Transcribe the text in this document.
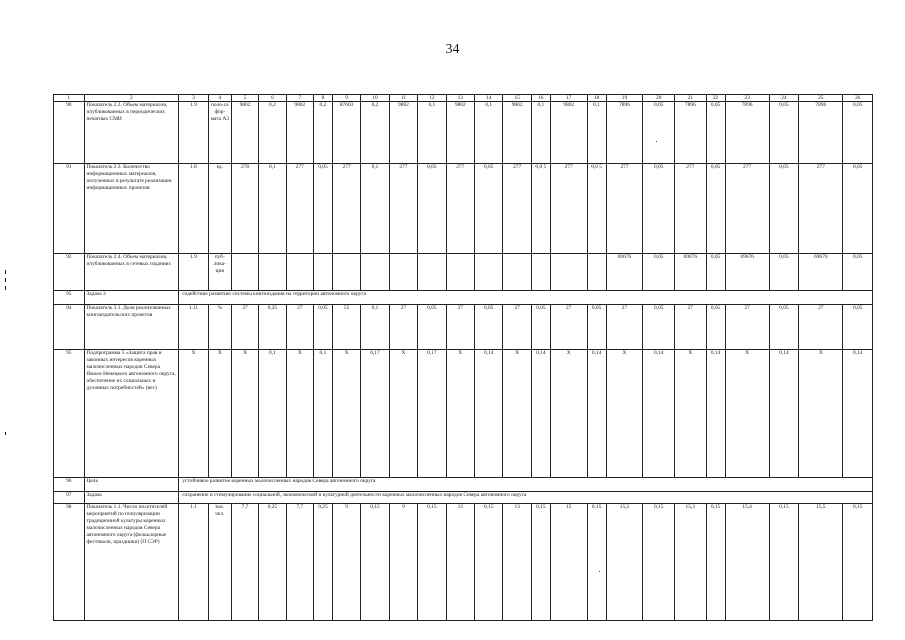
34
1	2	3	4	5	6	7	8	9	10	11	12	13	14	15	16	17	18	19	20	21	22	23	24	25	26
90	Показатель 2.2. Объем материалов, опубликованных в периодических печатных СМИ	1.9	поло-са фор-мата А3	9802	0,2	9802	0,2	87603	0,2	9802	0,1	9802	0,1	9802	0,1	9802	0,1	7896	0,05	7896	0,05	7896	0,05	7896	0,05
91	Показатель 2.3. Количество информационных материалов, полученных в результате реализации информационных проектов	1.8	ед.	278	0,1	277	0,05	277	0,1	277	0,05	277	0,05	277	0,0 5	277	0,0 5	277	0,05	277	0,05	277	0,05	277	0,05
92	Показатель 2.4. Объем материалов, опубликованных в сетевых изданиях	1.9	пуб-лика-ция															69676	0,05	69676	0,05	69676	0,05	69676	0,05
95	Задача 3	содействие развитию системы книгоиздания на территории автономного округа																							
94	Показатель 3.1. Доля реализованных книгоиздательских проектов	1.11	%	27	0,25	27	0,05	55	0,1	27	0,05	27	0,05	27	0,05	27	0,05	27	0,05	27	0,05	27	0,05	27	0,05
95	Подпрограмма 5 «Защита прав и законных интересов коренных малочисленных народов Севера Ямало-Ненецкого автономного округа, обеспечение их социальных и духовных потребностей» (вес)	X	X	X	0,1	X	0,1	X	0,17	X	0,17	X	0,14	X	0,14	X	0,14	X	0,14	X	0,14	X	0,14	X	0,14
96	Цель	устойчивое развитие коренных малочисленных народов Севера автономного округа																							
97	Задача	сохранение и стимулирование социальной, экономической и культурной деятельности коренных малочисленных народов Севера автономного округа																							
98	Показатель 1.1. Число посетителей мероприятий по популяризации традиционной культуры коренных малочисленных народов Севера автономного округа (фольклорные фестивали, праздники) (П СЭР)	1.1	тыс. чел.	7,7	0,25	7,7	0,25	9	0,15	9	0,15	13	0,15	13	0,15	15	0,15	15,2	0,15	15,3	0,15	15,4	0,15	15,5	0,15
